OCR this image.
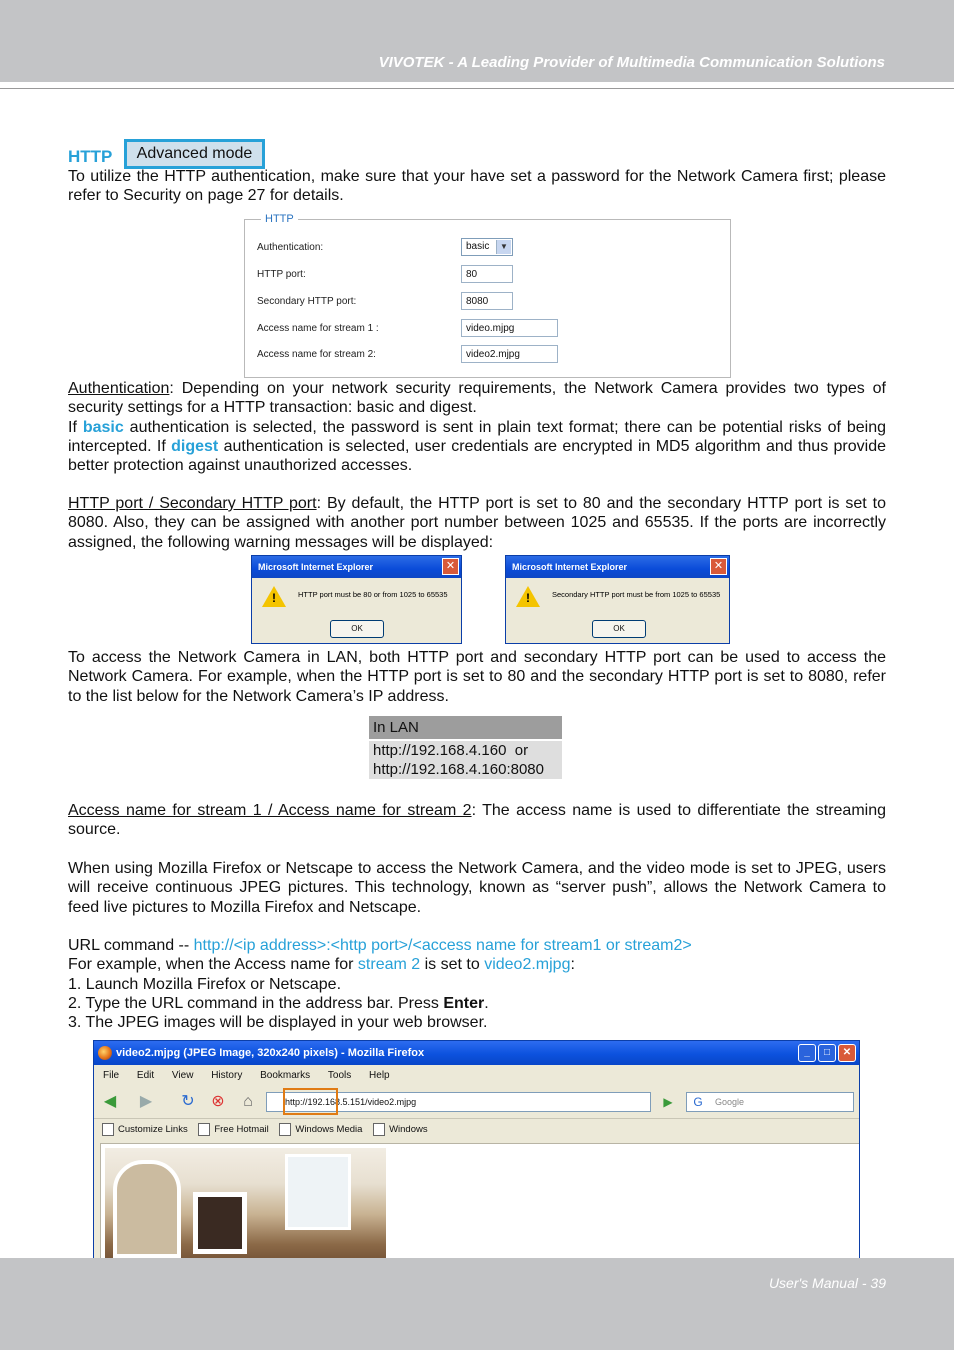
VIVOTEK - A Leading Provider of Multimedia Communication Solutions
HTTP	Advanced mode
To utilize the HTTP authentication, make sure that your have set a password for the Network Camera first; please refer to Security on page 27 for details.
HTTP
Authentication:	basic	▼
HTTP port:	80
Secondary HTTP port:	8080
Access name for stream 1 :	video.mjpg
Access name for stream 2:	video2.mjpg
Authentication: Depending on your network security requirements, the Network Camera provides two types of security settings for a HTTP transaction: basic and digest.
If basic authentication is selected, the password is sent in plain text format; there can be potential risks of being intercepted. If digest authentication is selected, user credentials are encrypted in MD5 algorithm and thus provide better protection against unauthorized accesses.
HTTP port / Secondary HTTP port: By default, the HTTP port is set to 80 and the secondary HTTP port is set to 8080. Also, they can be assigned with another port number between 1025 and 65535. If the ports are incorrectly assigned, the following warning messages will be displayed:
Microsoft Internet Explorer	✕
!	HTTP port must be 80 or from 1025 to 65535
OK
Microsoft Internet Explorer	✕
!	Secondary HTTP port must be from 1025 to 65535
OK
To access the Network Camera in LAN, both HTTP port and secondary HTTP port can be used to access the Network Camera. For example, when the HTTP port is set to 80 and the secondary HTTP port is set to 8080, refer to the list below for the Network Camera’s IP address.
In LAN
http://192.168.4.160  or
http://192.168.4.160:8080
Access name for stream 1 / Access name for stream 2: The access name is used to differentiate the streaming source.
When using Mozilla Firefox or Netscape to access the Network Camera, and the video mode is set to JPEG, users will receive continuous JPEG pictures. This technology, known as “server push”, allows the Network Camera to feed live pictures to Mozilla Firefox and Netscape.
URL command -- http://<ip address>:<http port>/<access name for stream1 or stream2>
For example, when the Access name for stream 2 is set to video2.mjpg:
1. Launch Mozilla Firefox or Netscape.
2. Type the URL command in the address bar. Press Enter.
3. The JPEG images will be displayed in your web browser.
video2.mjpg (JPEG Image, 320x240 pixels) - Mozilla Firefox	_	□	✕
File Edit View History Bookmarks Tools Help
◀ ▶ ↻ ⊗	⌂	http://192.168.5.151/video2.mjpg	▶	Google
G
Customize Links	Free Hotmail	Windows Media	Windows
User's Manual - 39
